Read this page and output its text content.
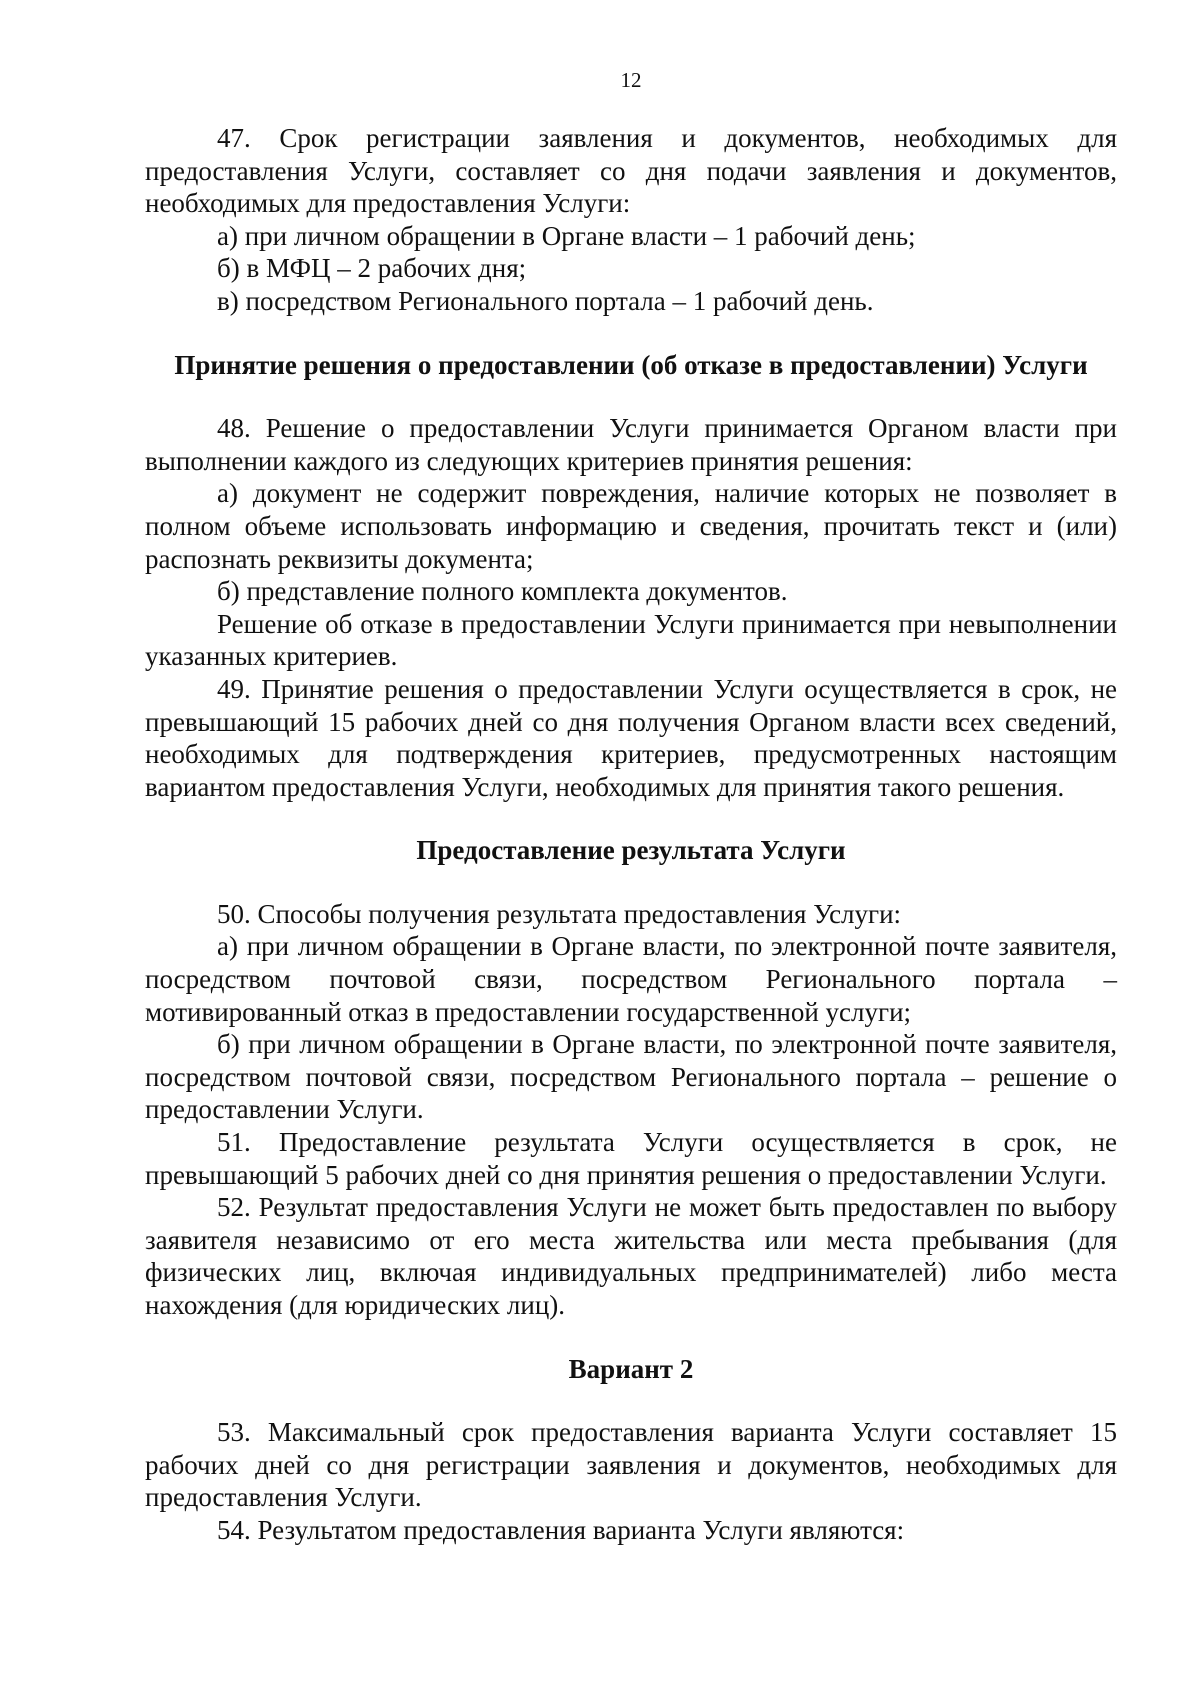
12

47. Срок регистрации заявления и документов, необходимых для предоставления Услуги, составляет со дня подачи заявления и документов, необходимых для предоставления Услуги:

а) при личном обращении в Органе власти – 1 рабочий день;

б) в МФЦ – 2 рабочих дня;

в) посредством Регионального портала – 1 рабочий день.

Принятие решения о предоставлении (об отказе в предоставлении) Услуги

48. Решение о предоставлении Услуги принимается Органом власти при выполнении каждого из следующих критериев принятия решения:

а) документ не содержит повреждения, наличие которых не позволяет в полном объеме использовать информацию и сведения, прочитать текст и (или) распознать реквизиты документа;

б) представление полного комплекта документов.

Решение об отказе в предоставлении Услуги принимается при невыполнении указанных критериев.

49. Принятие решения о предоставлении Услуги осуществляется в срок, не превышающий 15 рабочих дней со дня получения Органом власти всех сведений, необходимых для подтверждения критериев, предусмотренных настоящим вариантом предоставления Услуги, необходимых для принятия такого решения.

Предоставление результата Услуги

50. Способы получения результата предоставления Услуги:

а) при личном обращении в Органе власти, по электронной почте заявителя, посредством почтовой связи, посредством Регионального портала – мотивированный отказ в предоставлении государственной услуги;

б) при личном обращении в Органе власти, по электронной почте заявителя, посредством почтовой связи, посредством Регионального портала – решение о предоставлении Услуги.

51. Предоставление результата Услуги осуществляется в срок, не превышающий 5 рабочих дней со дня принятия решения о предоставлении Услуги.

52. Результат предоставления Услуги не может быть предоставлен по выбору заявителя независимо от его места жительства или места пребывания (для физических лиц, включая индивидуальных предпринимателей) либо места нахождения (для юридических лиц).

Вариант 2

53. Максимальный срок предоставления варианта Услуги составляет 15 рабочих дней со дня регистрации заявления и документов, необходимых для предоставления Услуги.

54. Результатом предоставления варианта Услуги являются:
